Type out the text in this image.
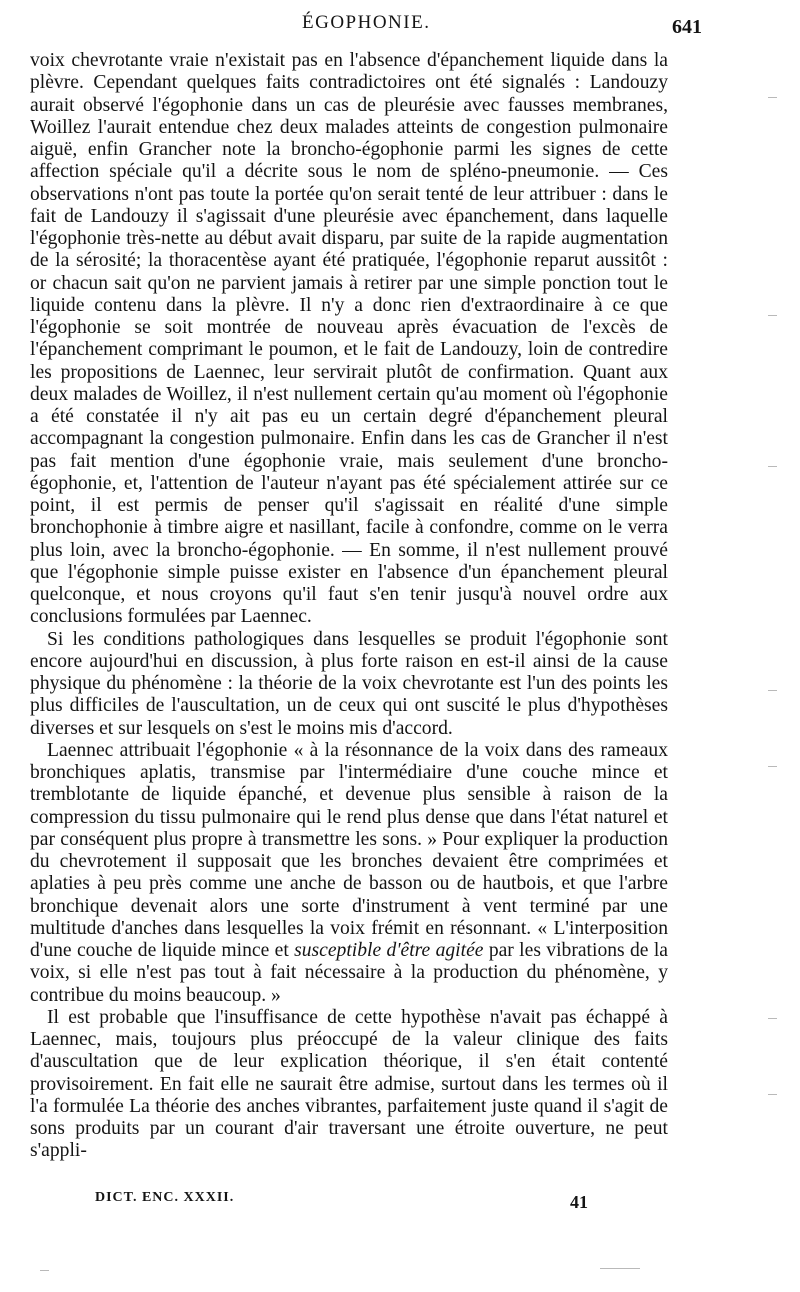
ÉGOPHONIE.	641

voix chevrotante vraie n'existait pas en l'absence d'épanchement liquide dans la plèvre. Cependant quelques faits contradictoires ont été signalés : Landouzy aurait observé l'égophonie dans un cas de pleurésie avec fausses membranes, Woillez l'aurait entendue chez deux malades atteints de congestion pulmonaire aiguë, enfin Grancher note la broncho-égophonie parmi les signes de cette affection spéciale qu'il a décrite sous le nom de spléno-pneumonie. — Ces observations n'ont pas toute la portée qu'on serait tenté de leur attribuer : dans le fait de Landouzy il s'agissait d'une pleurésie avec épanchement, dans laquelle l'égophonie très-nette au début avait disparu, par suite de la rapide augmentation de la sérosité; la thoracentèse ayant été pratiquée, l'égophonie reparut aussitôt : or chacun sait qu'on ne parvient jamais à retirer par une simple ponction tout le liquide contenu dans la plèvre. Il n'y a donc rien d'extraordinaire à ce que l'égophonie se soit montrée de nouveau après évacuation de l'excès de l'épanchement comprimant le poumon, et le fait de Landouzy, loin de contredire les propositions de Laennec, leur servirait plutôt de confirmation. Quant aux deux malades de Woillez, il n'est nullement certain qu'au moment où l'égophonie a été constatée il n'y ait pas eu un certain degré d'épanchement pleural accompagnant la congestion pulmonaire. Enfin dans les cas de Grancher il n'est pas fait mention d'une égophonie vraie, mais seulement d'une broncho-égophonie, et, l'attention de l'auteur n'ayant pas été spécialement attirée sur ce point, il est permis de penser qu'il s'agissait en réalité d'une simple bronchophonie à timbre aigre et nasillant, facile à confondre, comme on le verra plus loin, avec la broncho-égophonie. — En somme, il n'est nullement prouvé que l'égophonie simple puisse exister en l'absence d'un épanchement pleural quelconque, et nous croyons qu'il faut s'en tenir jusqu'à nouvel ordre aux conclusions formulées par Laennec.

Si les conditions pathologiques dans lesquelles se produit l'égophonie sont encore aujourd'hui en discussion, à plus forte raison en est-il ainsi de la cause physique du phénomène : la théorie de la voix chevrotante est l'un des points les plus difficiles de l'auscultation, un de ceux qui ont suscité le plus d'hypothèses diverses et sur lesquels on s'est le moins mis d'accord.

Laennec attribuait l'égophonie « à la résonnance de la voix dans des rameaux bronchiques aplatis, transmise par l'intermédiaire d'une couche mince et tremblotante de liquide épanché, et devenue plus sensible à raison de la compression du tissu pulmonaire qui le rend plus dense que dans l'état naturel et par conséquent plus propre à transmettre les sons. » Pour expliquer la production du chevrotement il supposait que les bronches devaient être comprimées et aplaties à peu près comme une anche de basson ou de hautbois, et que l'arbre bronchique devenait alors une sorte d'instrument à vent terminé par une multitude d'anches dans lesquelles la voix frémit en résonnant. « L'interposition d'une couche de liquide mince et susceptible d'être agitée par les vibrations de la voix, si elle n'est pas tout à fait nécessaire à la production du phénomène, y contribue du moins beaucoup. »

Il est probable que l'insuffisance de cette hypothèse n'avait pas échappé à Laennec, mais, toujours plus préoccupé de la valeur clinique des faits d'auscultation que de leur explication théorique, il s'en était contenté provisoirement. En fait elle ne saurait être admise, surtout dans les termes où il l'a formulée La théorie des anches vibrantes, parfaitement juste quand il s'agit de sons produits par un courant d'air traversant une étroite ouverture, ne peut s'appli-

DICT. ENC. XXXII.	41
